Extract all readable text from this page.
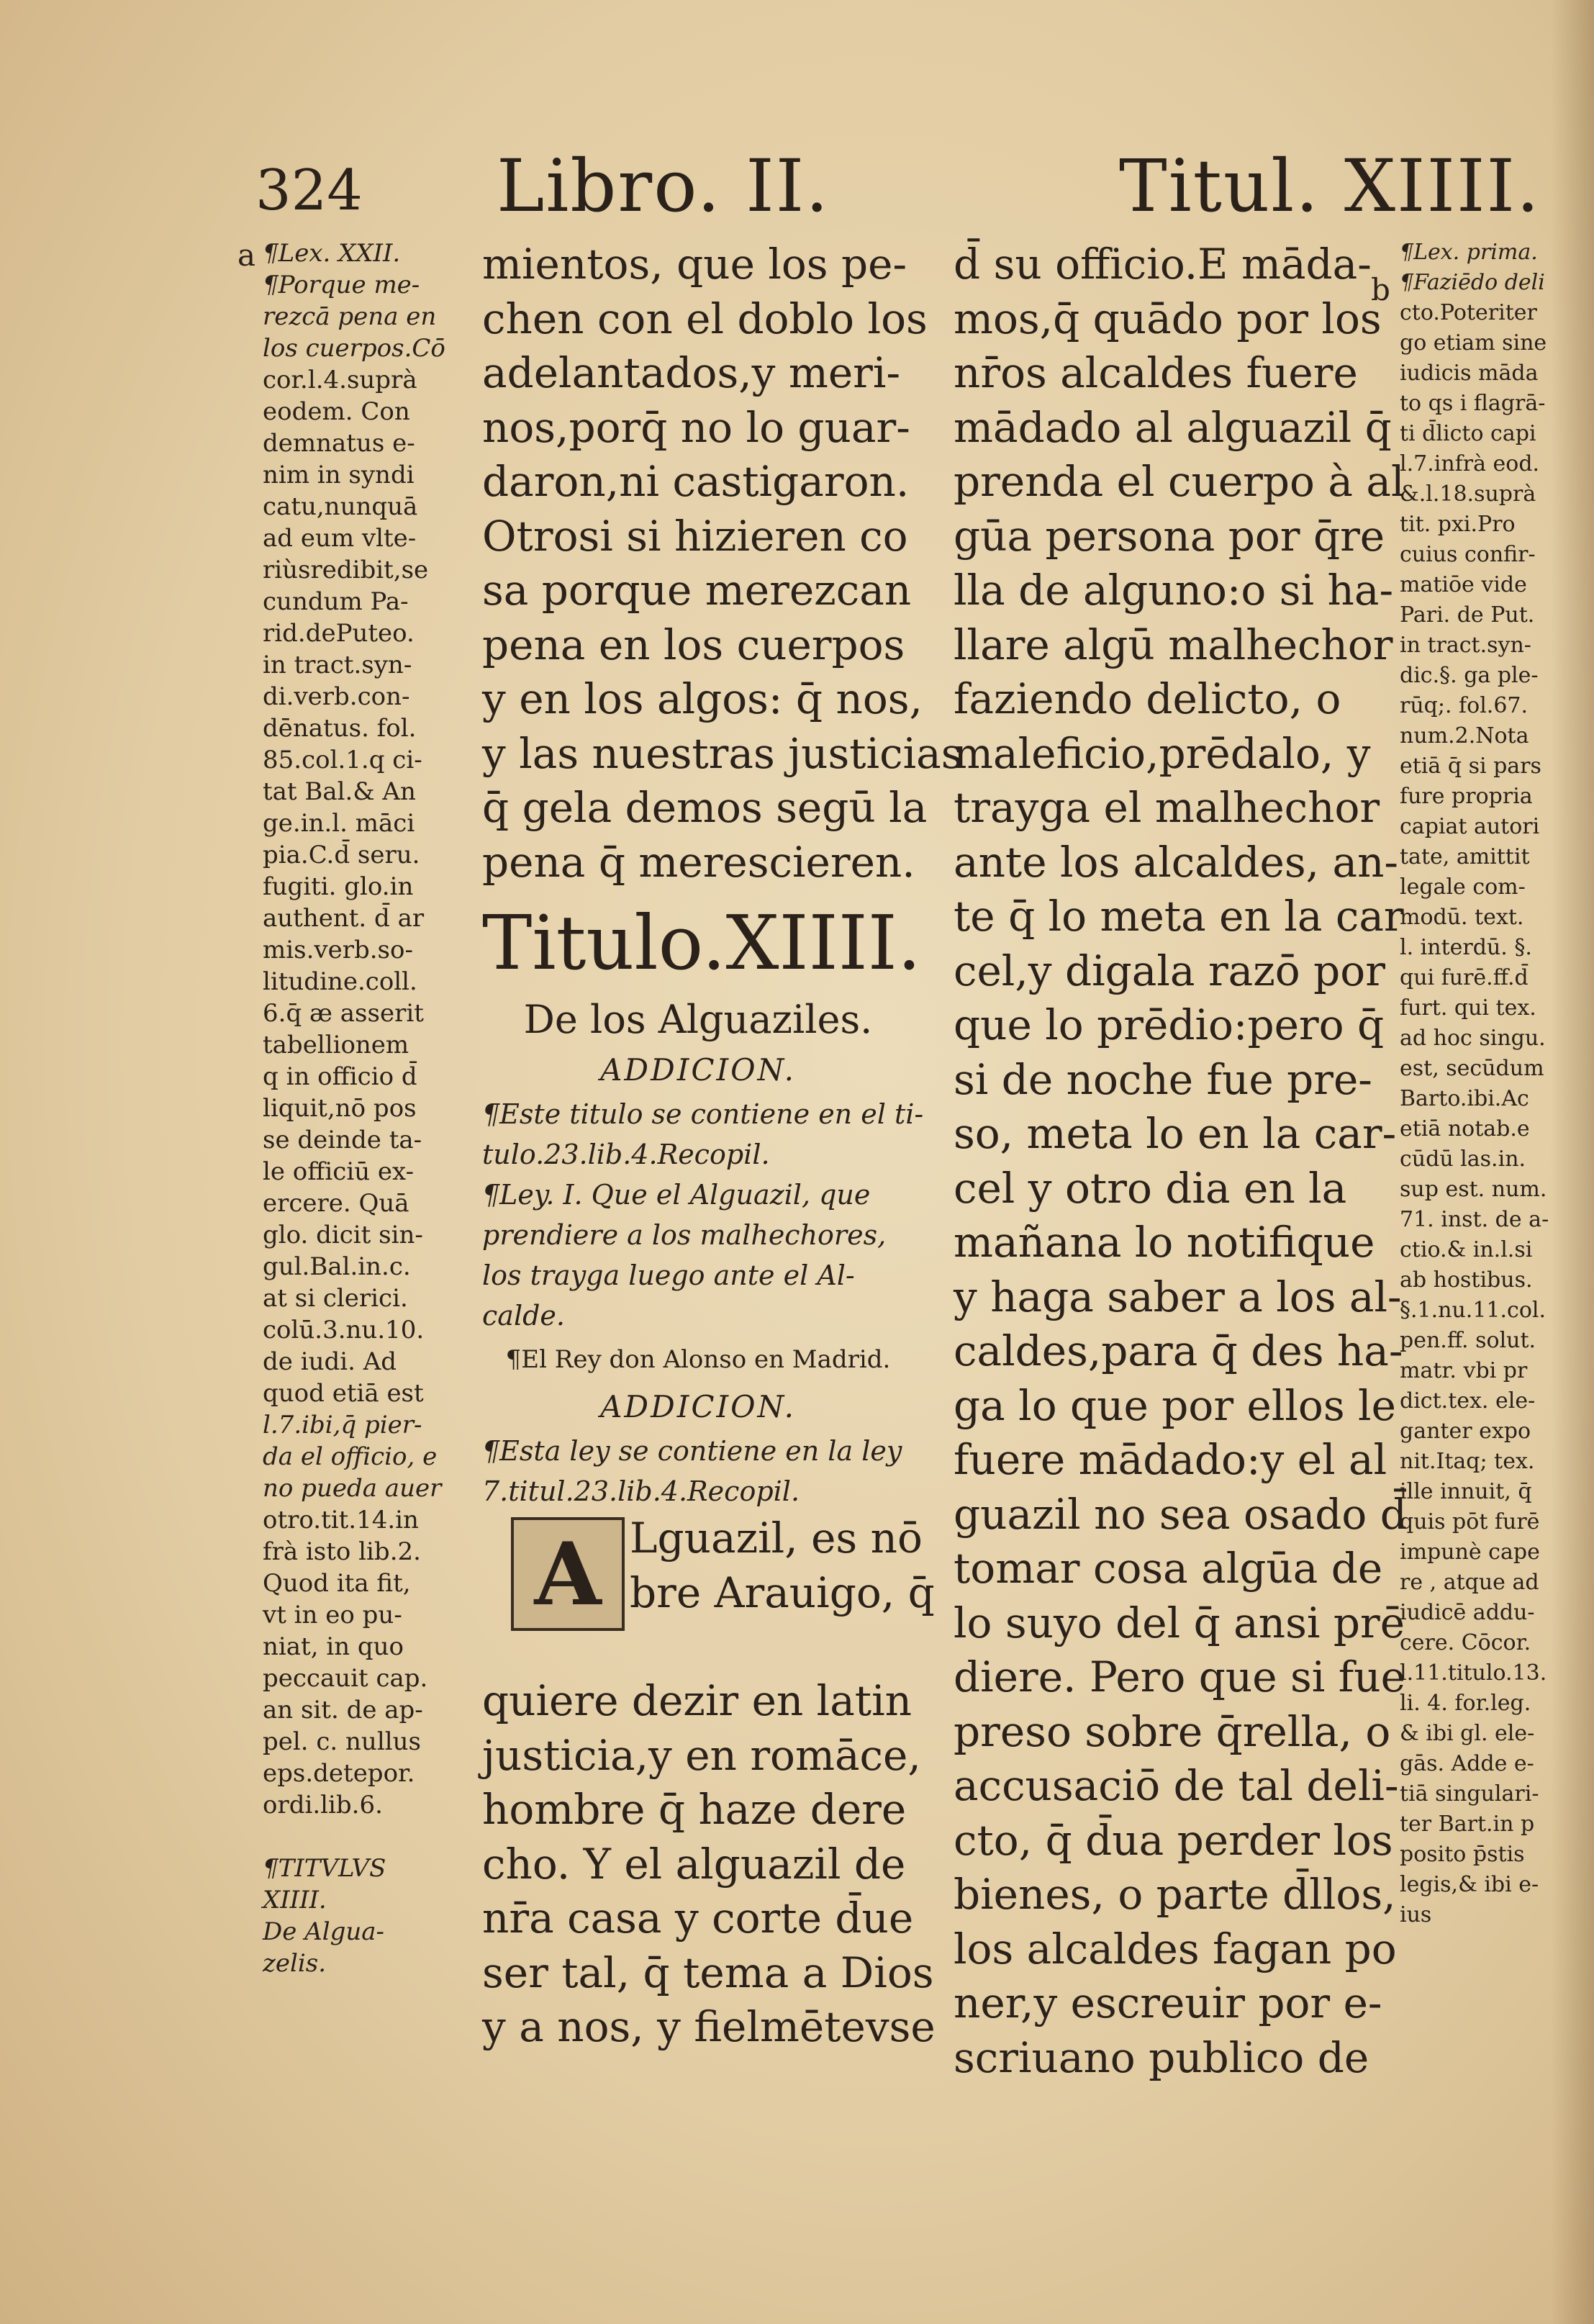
324 Libro. II.	Titul. XIIII.
a
b
¶Lex. XXII.
¶Porque me-
rezcā pena en
los cuerpos.Cō
cor.l.4.suprà
eodem. Con
demnatus e-
nim in syndi
catu,nunquā
ad eum vlte-
riùsredibit,se
cundum Pa-
rid.dePuteo.
in tract.syn-
di.verb.con-
dēnatus. fol.
85.col.1.q ci-
tat Bal.& An
ge.in.l. māci
pia.C.d̄ seru.
fugiti. glo.in
authent. d̄ ar
mis.verb.so-
litudine.coll.
6.q̄ æ asserit
tabellionem
q in officio d̄
liquit,nō pos
se deinde ta-
le officiū ex-
ercere. Quā
glo. dicit sin-
gul.Bal.in.c.
at si clerici.
colū.3.nu.10.
de iudi. Ad
quod etiā est
l.7.ibi,q̄ pier-
da el officio, e
no pueda auer
otro.tit.14.in
frà isto lib.2.
Quod ita fit,
vt in eo pu-
niat, in quo
peccauit cap.
an sit. de ap-
pel. c. nullus
eps.detepor.
ordi.lib.6.

¶TITVLVS
XIIII.
De Algua-
zelis.
mientos, que los pe-
chen con el doblo los
adelantados,y meri-
nos,porq̄ no lo guar-
daron,ni castigaron.
Otrosi si hizieren co
sa porque merezcan
pena en los cuerpos
y en los algos: q̄ nos,
y las nuestras justicias
q̄ gela demos segū la
pena q̄ merescieren.
Titulo.XIIII.
De los Alguaziles.
ADDICION.
¶Este titulo se contiene en el ti-
tulo.23.lib.4.Recopil.
¶Ley. I. Que el Alguazil, que
prendiere a los malhechores,
los trayga luego ante el Al-
calde.
¶El Rey don Alonso en Madrid.
ADDICION.
¶Esta ley se contiene en la ley
7.titul.23.lib.4.Recopil.
A Lguazil, es nō
bre Arauigo, q̄
quiere dezir en latin
justicia,y en romāce,
hombre q̄ haze dere
cho. Y el alguazil de
nr̄a casa y corte d̄ue
ser tal, q̄ tema a Dios
y a nos, y fielmētevse
d̄ su officio.E māda-
mos,q̄ quādo por los
nr̄os alcaldes fuere
mādado al alguazil q̄
prenda el cuerpo à al
gūa persona por q̄re
lla de alguno:o si ha-
llare algū malhechor
faziendo delicto, o
maleficio,prēdalo, y
trayga el malhechor
ante los alcaldes, an-
te q̄ lo meta en la car
cel,y digala razō por
que lo prēdio:pero q̄
si de noche fue pre-
so, meta lo en la car-
cel y otro dia en la
mañana lo notifique
y haga saber a los al-
caldes,para q̄ des ha-
ga lo que por ellos le
fuere mādado:y el al
guazil no sea osado d̄
tomar cosa algūa de
lo suyo del q̄ ansi prē
diere. Pero que si fue
preso sobre q̄rella, o
accusaciō de tal deli-
cto, q̄ d̄ua perder los
bienes, o parte d̄llos,
los alcaldes fagan po
ner,y escreuir por e-
scriuano publico de
¶Lex. prima.
¶Faziēdo deli
cto.Poteriter
go etiam sine
iudicis māda
to qs i flagrā-
ti d̄licto capi
l.7.infrà eod.
&.l.18.suprà
tit. pxi.Pro
cuius confir-
matiōe vide
Pari. de Put.
in tract.syn-
dic.§. ga ple-
rūq;. fol.67.
num.2.Nota
etiā q̄ si pars
fure propria
capiat autori
tate, amittit
legale com-
modū. text.
l. interdū. §.
qui furē.ff.d̄
furt. qui tex.
ad hoc singu.
est, secūdum
Barto.ibi.Ac
etiā notab.e
cūdū las.in.
sup est. num.
71. inst. de a-
ctio.& in.l.si
ab hostibus.
§.1.nu.11.col.
pen.ff. solut.
matr. vbi pr
dict.tex. ele-
ganter expo
nit.Itaq; tex.
ille innuit, q̄
quis pōt furē
impunè cape
re , atque ad
iudicē addu-
cere. Cōcor.
l.11.titulo.13.
li. 4. for.leg.
& ibi gl. ele-
gās. Adde e-
tiā singulari-
ter Bart.in p
posito p̄stis
legis,& ibi e-
ius
